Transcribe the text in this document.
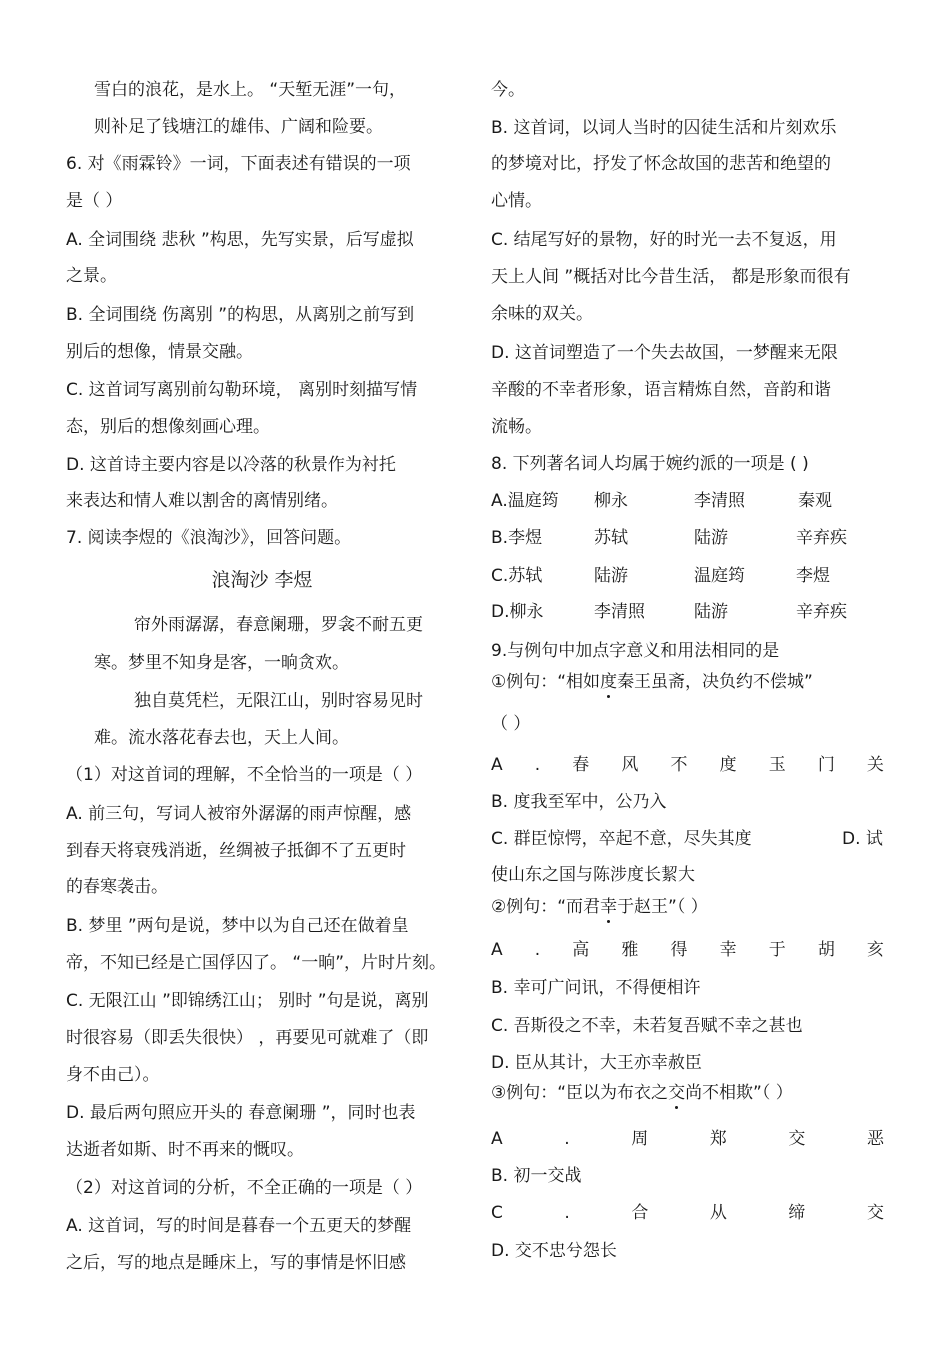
雪白的浪花，是水上。 “天堑无涯”一句，
则补足了钱塘江的雄伟、广阔和险要。
6. 对《雨霖铃》一词，下面表述有错误的一项
是（ ）
A. 全词围绕 悲秋 ”构思，先写实景，后写虚拟
之景。
B. 全词围绕 伤离别 ”的构思，从离别之前写到
别后的想像，情景交融。
C. 这首词写离别前勾勒环境， 离别时刻描写情
态，别后的想像刻画心理。
D. 这首诗主要内容是以冷落的秋景作为衬托
来表达和情人难以割舍的离情别绪。
7. 阅读李煜的《浪淘沙》，回答问题。
浪淘沙 李煜
帘外雨潺潺，春意阑珊，罗衾不耐五更
寒。梦里不知身是客，一晌贪欢。
独自莫凭栏，无限江山，别时容易见时
难。流水落花春去也，天上人间。
（1）对这首词的理解，不全恰当的一项是（ ）
A. 前三句，写词人被帘外潺潺的雨声惊醒，感
到春天将衰残消逝，丝绸被子抵御不了五更时
的春寒袭击。
B. 梦里 ”两句是说，梦中以为自己还在做着皇
帝，不知已经是亡国俘囚了。 “一晌”，片时片刻。
C. 无限江山 ”即锦绣江山； 别时 ”句是说，离别
时很容易（即丢失很快） ，再要见可就难了（即
身不由己）。
D. 最后两句照应开头的 春意阑珊 ”，同时也表
达逝者如斯、时不再来的慨叹。
（2）对这首词的分析，不全正确的一项是（ ）
A. 这首词，写的时间是暮春一个五更天的梦醒
之后，写的地点是睡床上，写的事情是怀旧感
今。
B. 这首词，以词人当时的囚徒生活和片刻欢乐
的梦境对比，抒发了怀念故国的悲苦和绝望的
心情。
C. 结尾写好的景物，好的时光一去不复返，用
天上人间 ”概括对比今昔生活， 都是形象而很有
余味的双关。
D. 这首词塑造了一个失去故国，一梦醒来无限
辛酸的不幸者形象，语言精炼自然，音韵和谐
流畅。
8. 下列著名词人均属于婉约派的一项是 ( )
A.温庭筠 柳永	李清照	秦观
B.李煜	苏轼	陆游	辛弃疾
C.苏轼	陆游	温庭筠	李煜
D.柳永	李清照	陆游	辛弃疾
9.与例句中加点字意义和用法相同的是
①例句：“相如度秦王虽斋，决负约不偿城”
（ ）
A . 春 风 不 度 玉 门 关
B. 度我至军中，公乃入
C. 群臣惊愕，卒起不意，尽失其度	D. 试
使山东之国与陈涉度长絜大
②例句：“而君幸于赵王”（ ）
A . 高 雅 得 幸 于 胡 亥
B. 幸可广问讯，不得便相许
C. 吾斯役之不幸，未若复吾赋不幸之甚也
D. 臣从其计，大王亦幸赦臣
③例句：“臣以为布衣之交尚不相欺”（ ）
A	.	周	郑	交	恶
B. 初一交战
C	.	合	从	缔	交
D. 交不忠兮怨长
